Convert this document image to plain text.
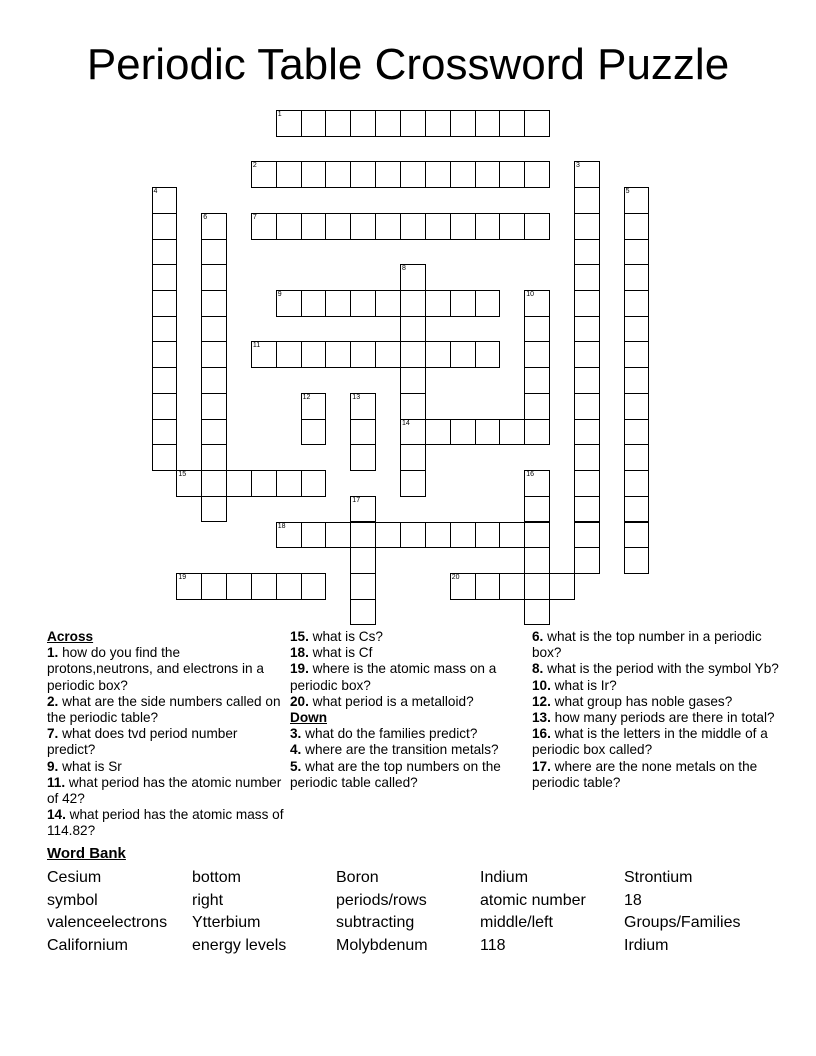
Periodic Table Crossword Puzzle
1
2	3
4	5
6	7
8
14
9	10
11
12	13
15	16
17
18
19	20
Across
1. how do you find the protons,neutrons, and electrons in a periodic box?
2. what are the side numbers called on the periodic table?
7. what does tvd period number predict?
9. what is Sr
11. what period has the atomic number of 42?
14. what period has the atomic mass of 114.82?
15. what is Cs?
18. what is Cf
19. where is the atomic mass on a periodic box?
20. what period is a metalloid?
Down
3. what do the families predict?
4. where are the transition metals?
5. what are the top numbers on the periodic table called?
6. what is the top number in a periodic box?
8. what is the period with the symbol Yb?
10. what is Ir?
12. what group has noble gases?
13. how many periods are there in total?
16. what is the letters in the middle of a periodic box called?
17. where are the none metals on the periodic table?
Word Bank
Cesium	bottom	Boron	Indium	Strontium
symbol	right	periods/rows	atomic number	18
valenceelectrons	Ytterbium	subtracting	middle/left	Groups/Families
Californium	energy levels	Molybdenum	118	Irdium
